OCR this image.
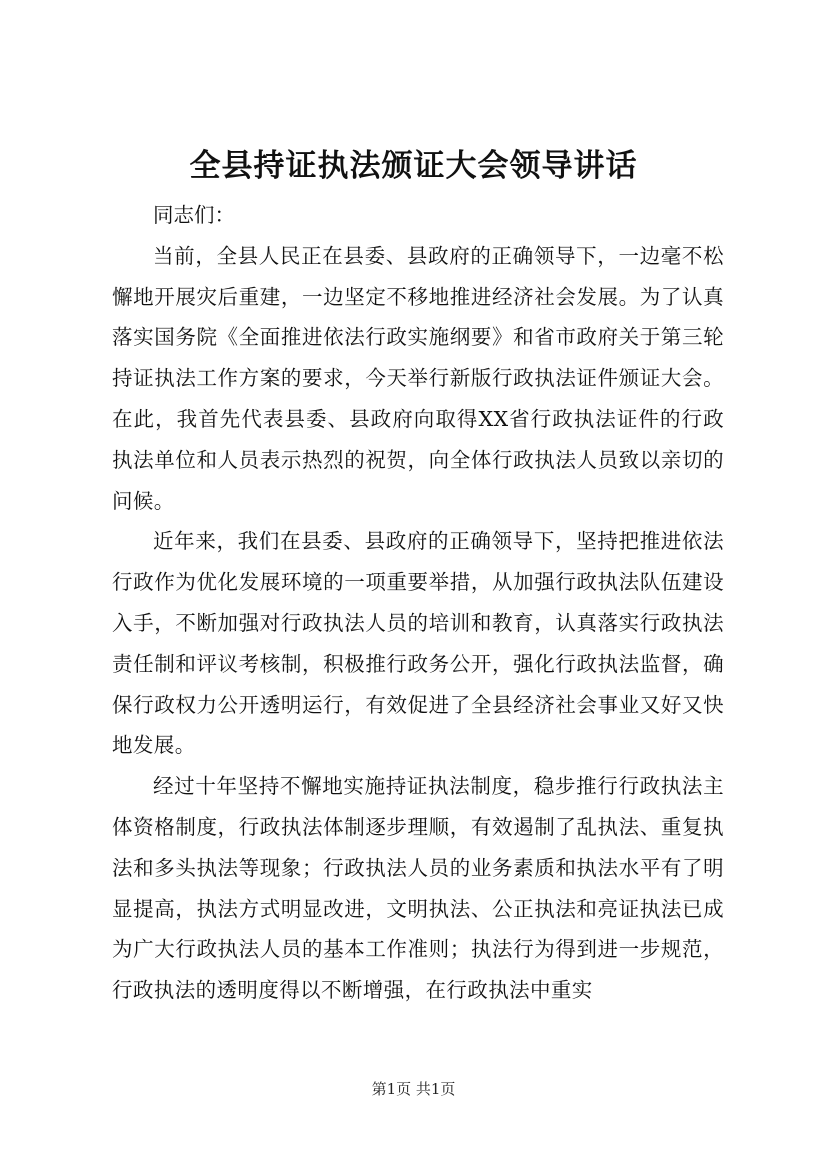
全县持证执法颁证大会领导讲话

同志们：

当前，全县人民正在县委、县政府的正确领导下，一边毫不松懈地开展灾后重建，一边坚定不移地推进经济社会发展。为了认真落实国务院《全面推进依法行政实施纲要》和省市政府关于第三轮持证执法工作方案的要求，今天举行新版行政执法证件颁证大会。在此，我首先代表县委、县政府向取得XX省行政执法证件的行政执法单位和人员表示热烈的祝贺，向全体行政执法人员致以亲切的问候。

近年来，我们在县委、县政府的正确领导下，坚持把推进依法行政作为优化发展环境的一项重要举措，从加强行政执法队伍建设入手，不断加强对行政执法人员的培训和教育，认真落实行政执法责任制和评议考核制，积极推行政务公开，强化行政执法监督，确保行政权力公开透明运行，有效促进了全县经济社会事业又好又快地发展。

经过十年坚持不懈地实施持证执法制度，稳步推行行政执法主体资格制度，行政执法体制逐步理顺，有效遏制了乱执法、重复执法和多头执法等现象；行政执法人员的业务素质和执法水平有了明显提高，执法方式明显改进，文明执法、公正执法和亮证执法已成为广大行政执法人员的基本工作准则；执法行为得到进一步规范，行政执法的透明度得以不断增强，在行政执法中重实

第1页 共1页
